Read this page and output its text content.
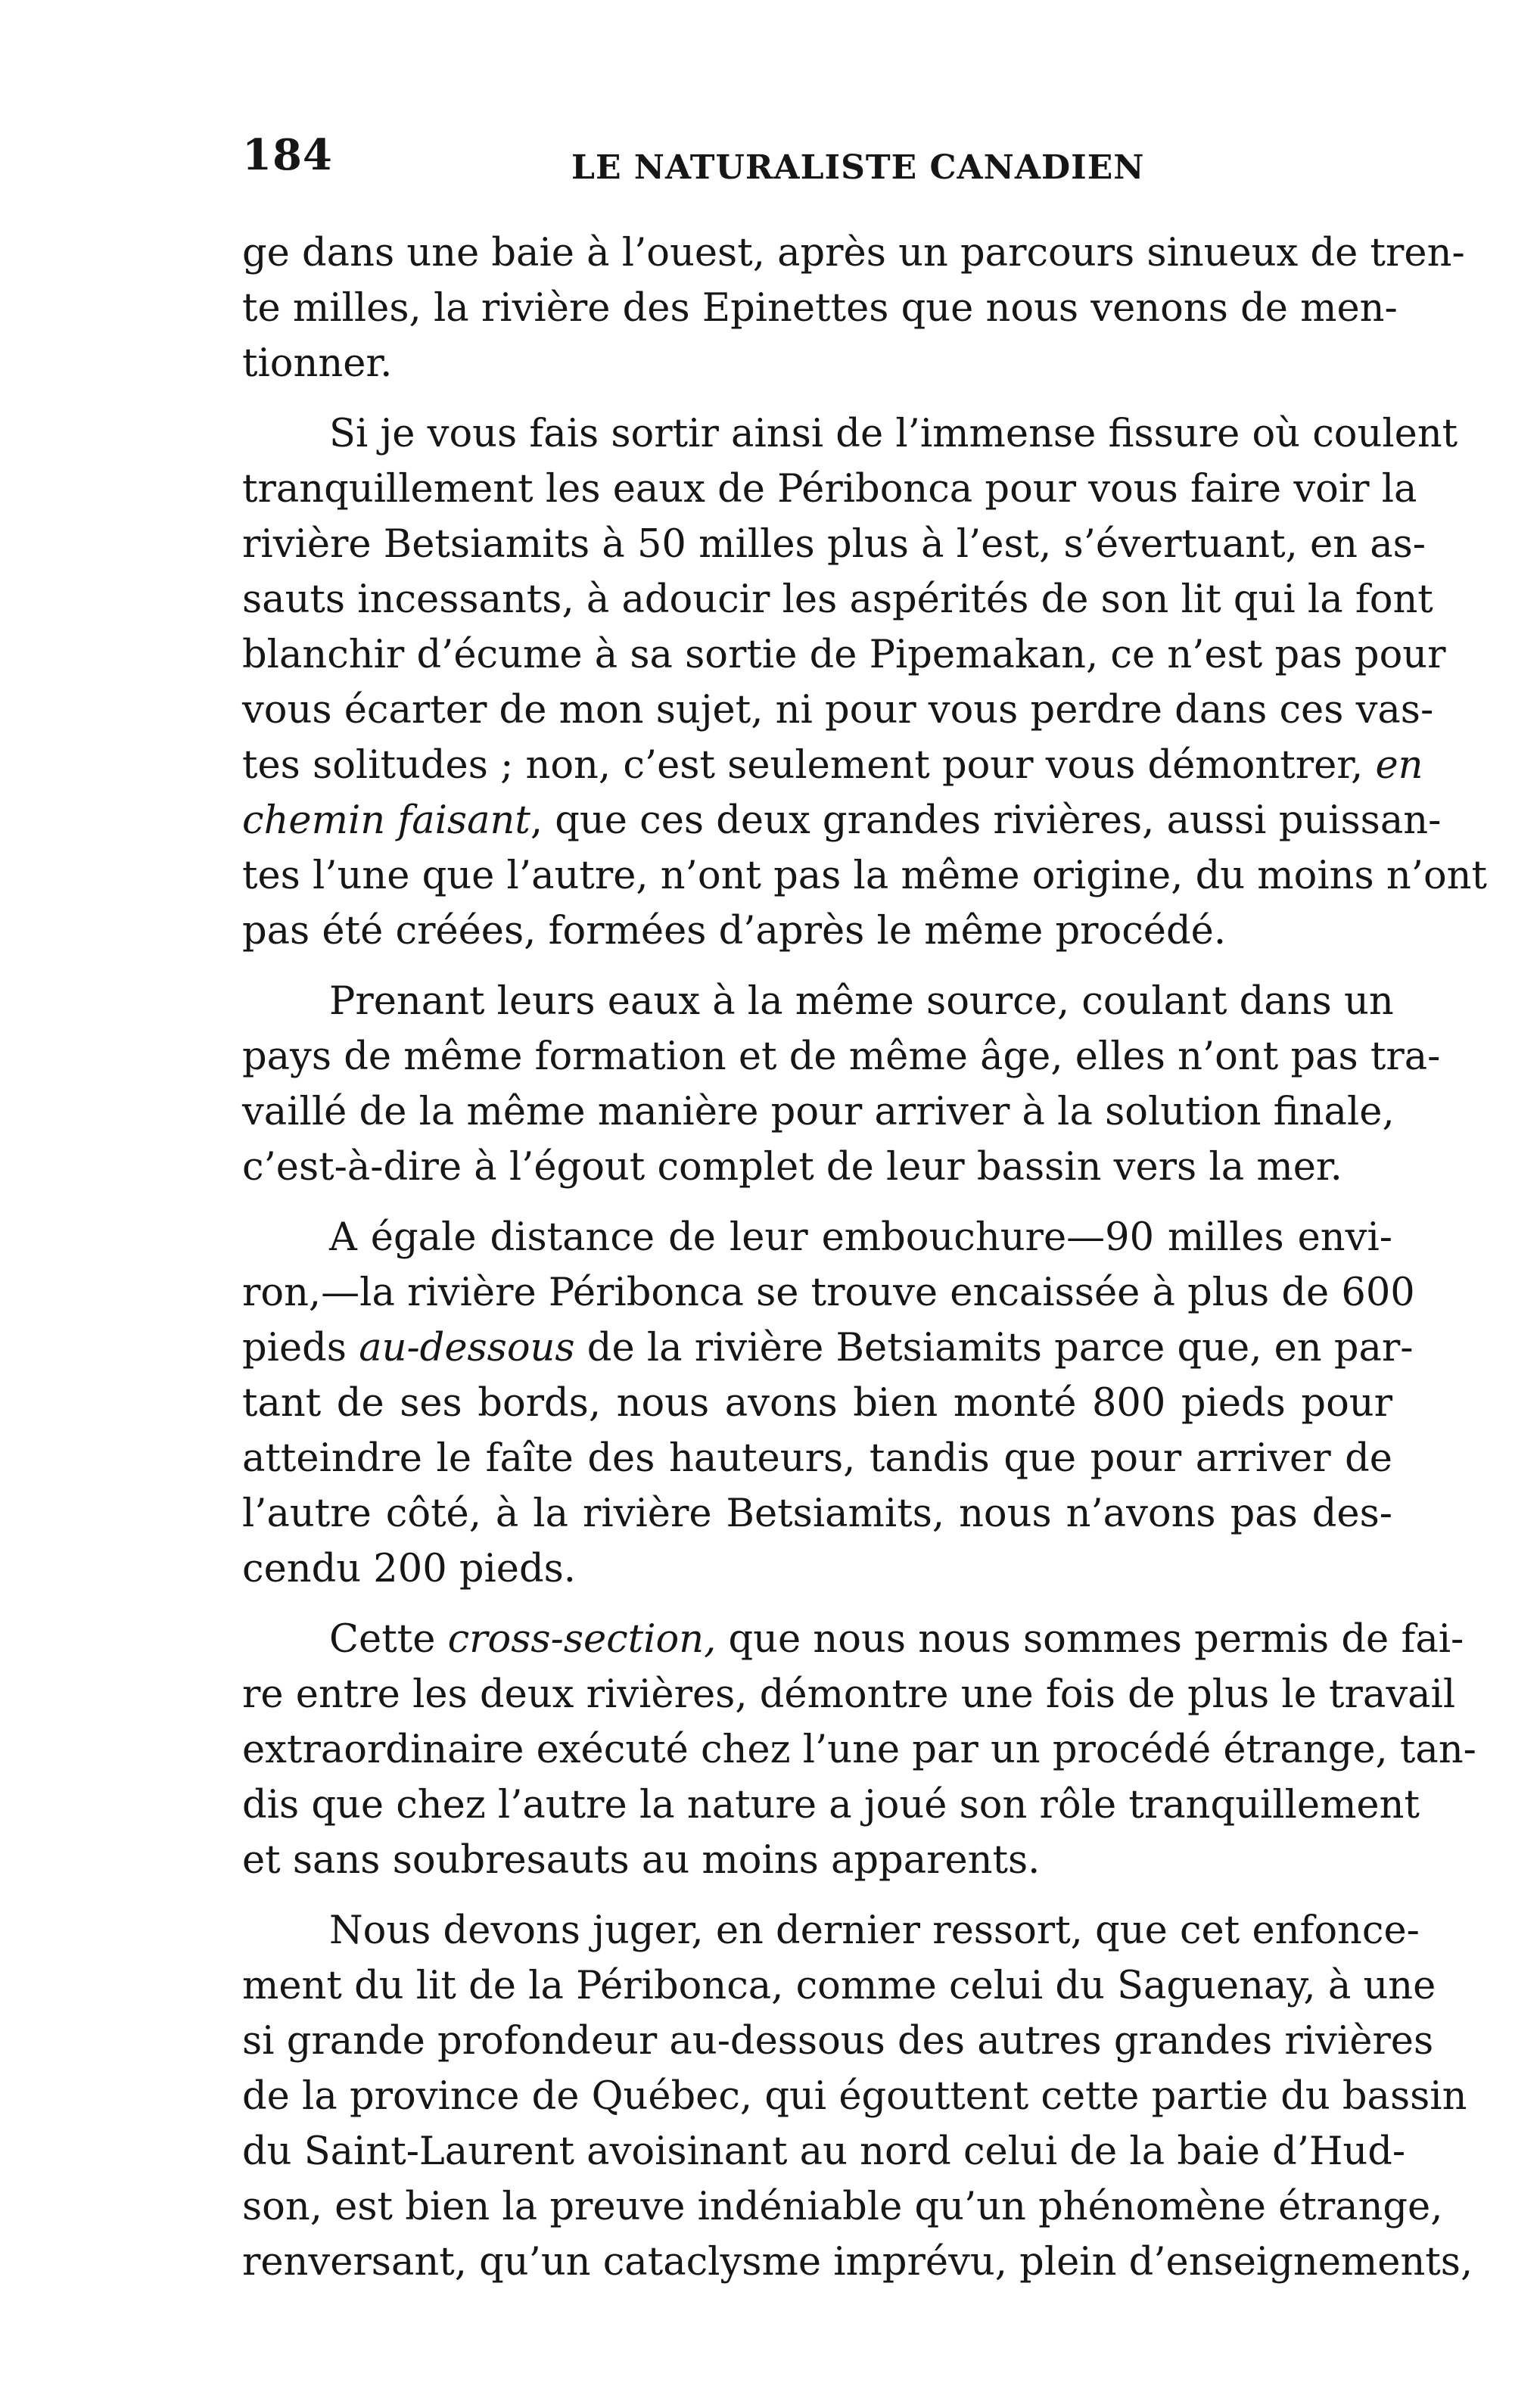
184	LE NATURALISTE CANADIEN
ge dans une baie à l’ouest, après un parcours sinueux de tren-
te milles, la rivière des Epinettes que nous venons de men-
tionner.
Si je vous fais sortir ainsi de l’immense fissure où coulent
tranquillement les eaux de Péribonca pour vous faire voir la
rivière Betsiamits à 50 milles plus à l’est, s’évertuant, en as-
sauts incessants, à adoucir les aspérités de son lit qui la font
blanchir d’écume à sa sortie de Pipemakan, ce n’est pas pour
vous écarter de mon sujet, ni pour vous perdre dans ces vas-
tes solitudes ; non, c’est seulement pour vous démontrer, en
chemin faisant, que ces deux grandes rivières, aussi puissan-
tes l’une que l’autre, n’ont pas la même origine, du moins n’ont
pas été créées, formées d’après le même procédé.
Prenant leurs eaux à la même source, coulant dans un
pays de même formation et de même âge, elles n’ont pas tra-
vaillé de la même manière pour arriver à la solution finale,
c’est-à-dire à l’égout complet de leur bassin vers la mer.
A égale distance de leur embouchure—90 milles envi-
ron,—la rivière Péribonca se trouve encaissée à plus de 600
pieds au-dessous de la rivière Betsiamits parce que, en par-
tant de ses bords, nous avons bien monté 800 pieds pour
atteindre le faîte des hauteurs, tandis que pour arriver de
l’autre côté, à la rivière Betsiamits, nous n’avons pas des-
cendu 200 pieds.
Cette cross-section, que nous nous sommes permis de fai-
re entre les deux rivières, démontre une fois de plus le travail
extraordinaire exécuté chez l’une par un procédé étrange, tan-
dis que chez l’autre la nature a joué son rôle tranquillement
et sans soubresauts au moins apparents.
Nous devons juger, en dernier ressort, que cet enfonce-
ment du lit de la Péribonca, comme celui du Saguenay, à une
si grande profondeur au-dessous des autres grandes rivières
de la province de Québec, qui égouttent cette partie du bassin
du Saint-Laurent avoisinant au nord celui de la baie d’Hud-
son, est bien la preuve indéniable qu’un phénomène étrange,
renversant, qu’un cataclysme imprévu, plein d’enseignements,
